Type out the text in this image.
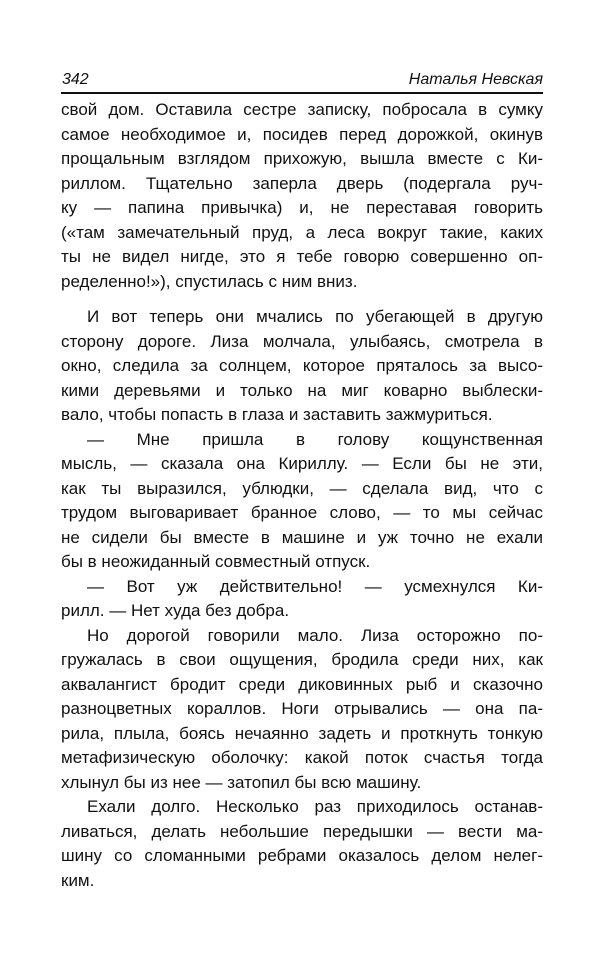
342	Наталья Невская
свой дом. Оставила сестре записку, побросала в сумку
самое необходимое и, посидев перед дорожкой, окинув
прощальным взглядом прихожую, вышла вместе с Ки-
риллом. Тщательно заперла дверь (подергала руч-
ку — папина привычка) и, не переставая говорить
(«там замечательный пруд, а леса вокруг такие, каких
ты не видел нигде, это я тебе говорю совершенно оп-
ределенно!»), спустилась с ним вниз.
И вот теперь они мчались по убегающей в другую
сторону дороге. Лиза молчала, улыбаясь, смотрела в
окно, следила за солнцем, которое пряталось за высо-
кими деревьями и только на миг коварно выблески-
вало, чтобы попасть в глаза и заставить зажмуриться.
— Мне пришла в голову кощунственная
мысль, — сказала она Кириллу. — Если бы не эти,
как ты выразился, ублюдки, — сделала вид, что с
трудом выговаривает бранное слово, — то мы сейчас
не сидели бы вместе в машине и уж точно не ехали
бы в неожиданный совместный отпуск.
— Вот уж действительно! — усмехнулся Ки-
рилл. — Нет худа без добра.
Но дорогой говорили мало. Лиза осторожно по-
гружалась в свои ощущения, бродила среди них, как
аквалангист бродит среди диковинных рыб и сказочно
разноцветных кораллов. Ноги отрывались — она па-
рила, плыла, боясь нечаянно задеть и проткнуть тонкую
метафизическую оболочку: какой поток счастья тогда
хлынул бы из нее — затопил бы всю машину.
Ехали долго. Несколько раз приходилось останав-
ливаться, делать небольшие передышки — вести ма-
шину со сломанными ребрами оказалось делом нелег-
ким.
